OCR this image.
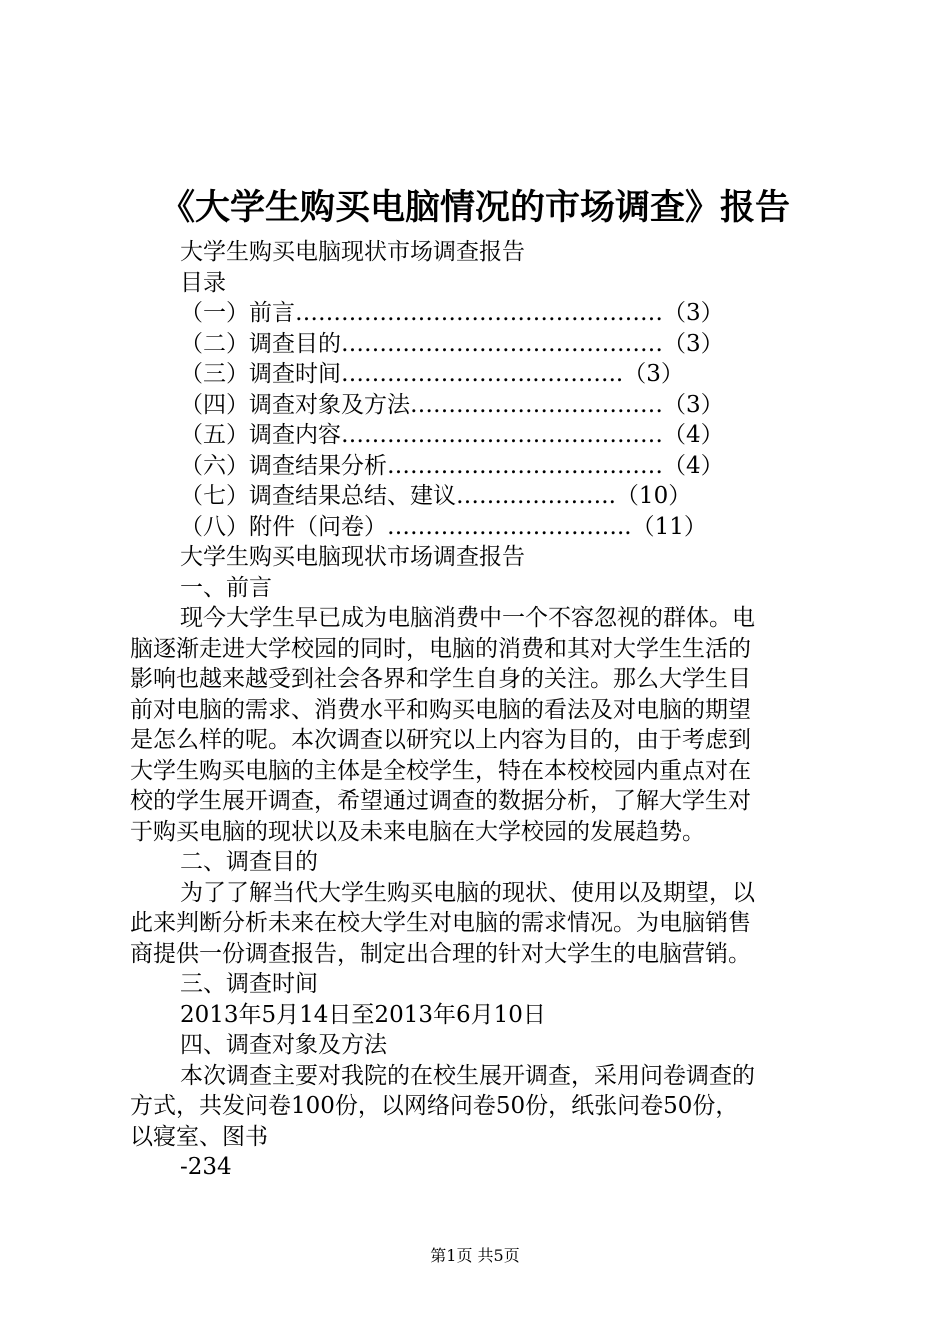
《大学生购买电脑情况的市场调查》报告
大学生购买电脑现状市场调查报告
目录
（一）前言…………………………………………（3）
（二）调查目的……………………………………（3）
（三）调查时间……………………..………..（3）
（四）调查对象及方法……………………………（3）
（五）调查内容……………………………………（4）
（六）调查结果分析………………………………（4）
（七）调查结果总结、建议…….…………..（10）
（八）附件（问卷）…………………………..（11）
大学生购买电脑现状市场调查报告
一、前言
现今大学生早已成为电脑消费中一个不容忽视的群体。电
脑逐渐走进大学校园的同时，电脑的消费和其对大学生生活的
影响也越来越受到社会各界和学生自身的关注。那么大学生目
前对电脑的需求、消费水平和购买电脑的看法及对电脑的期望
是怎么样的呢。本次调查以研究以上内容为目的，由于考虑到
大学生购买电脑的主体是全校学生，特在本校校园内重点对在
校的学生展开调查，希望通过调查的数据分析，了解大学生对
于购买电脑的现状以及未来电脑在大学校园的发展趋势。
二、调查目的
为了了解当代大学生购买电脑的现状、使用以及期望，以
此来判断分析未来在校大学生对电脑的需求情况。为电脑销售
商提供一份调查报告，制定出合理的针对大学生的电脑营销。
三、调查时间
2013年5月14日至2013年6月10日
四、调查对象及方法
本次调查主要对我院的在校生展开调查，采用问卷调查的
方式，共发问卷100份，以网络问卷50份，纸张问卷50份，
以寝室、图书
-234
第1页 共5页
